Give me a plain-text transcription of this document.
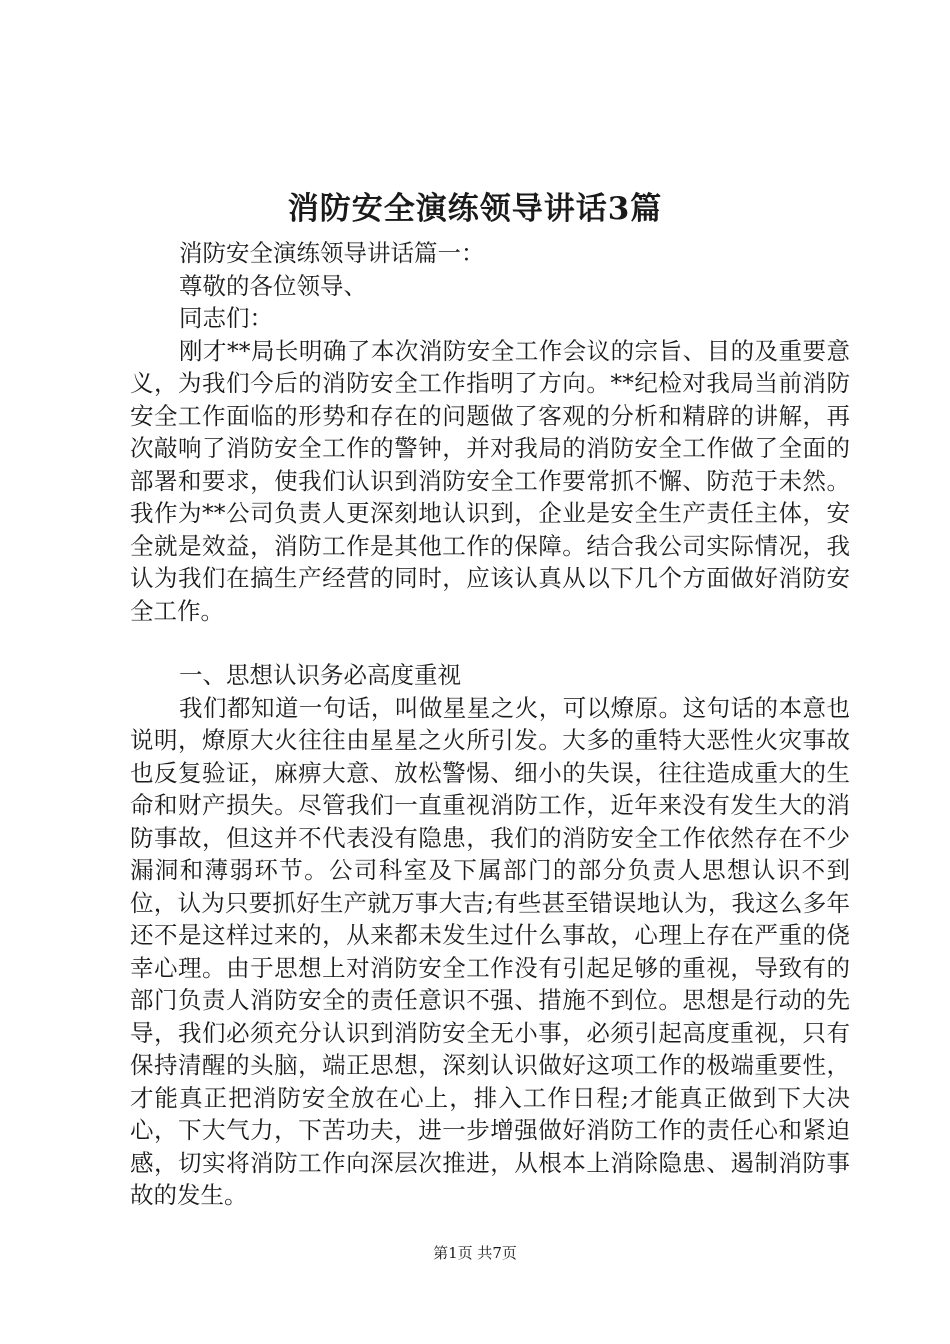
消防安全演练领导讲话3篇

消防安全演练领导讲话篇一：

尊敬的各位领导、

同志们：

刚才**局长明确了本次消防安全工作会议的宗旨、目的及重要意义，为我们今后的消防安全工作指明了方向。**纪检对我局当前消防安全工作面临的形势和存在的问题做了客观的分析和精辟的讲解，再次敲响了消防安全工作的警钟，并对我局的消防安全工作做了全面的部署和要求，使我们认识到消防安全工作要常抓不懈、防范于未然。我作为**公司负责人更深刻地认识到，企业是安全生产责任主体，安全就是效益，消防工作是其他工作的保障。结合我公司实际情况，我认为我们在搞生产经营的同时，应该认真从以下几个方面做好消防安全工作。

一、思想认识务必高度重视

我们都知道一句话，叫做星星之火，可以燎原。这句话的本意也说明，燎原大火往往由星星之火所引发。大多的重特大恶性火灾事故也反复验证，麻痹大意、放松警惕、细小的失误，往往造成重大的生命和财产损失。尽管我们一直重视消防工作，近年来没有发生大的消防事故，但这并不代表没有隐患，我们的消防安全工作依然存在不少漏洞和薄弱环节。公司科室及下属部门的部分负责人思想认识不到位，认为只要抓好生产就万事大吉;有些甚至错误地认为，我这么多年还不是这样过来的，从来都未发生过什么事故，心理上存在严重的侥幸心理。由于思想上对消防安全工作没有引起足够的重视，导致有的部门负责人消防安全的责任意识不强、措施不到位。思想是行动的先导，我们必须充分认识到消防安全无小事，必须引起高度重视，只有保持清醒的头脑，端正思想，深刻认识做好这项工作的极端重要性，才能真正把消防安全放在心上，排入工作日程;才能真正做到下大决心，下大气力，下苦功夫，进一步增强做好消防工作的责任心和紧迫感，切实将消防工作向深层次推进，从根本上消除隐患、遏制消防事故的发生。

第1页 共7页
